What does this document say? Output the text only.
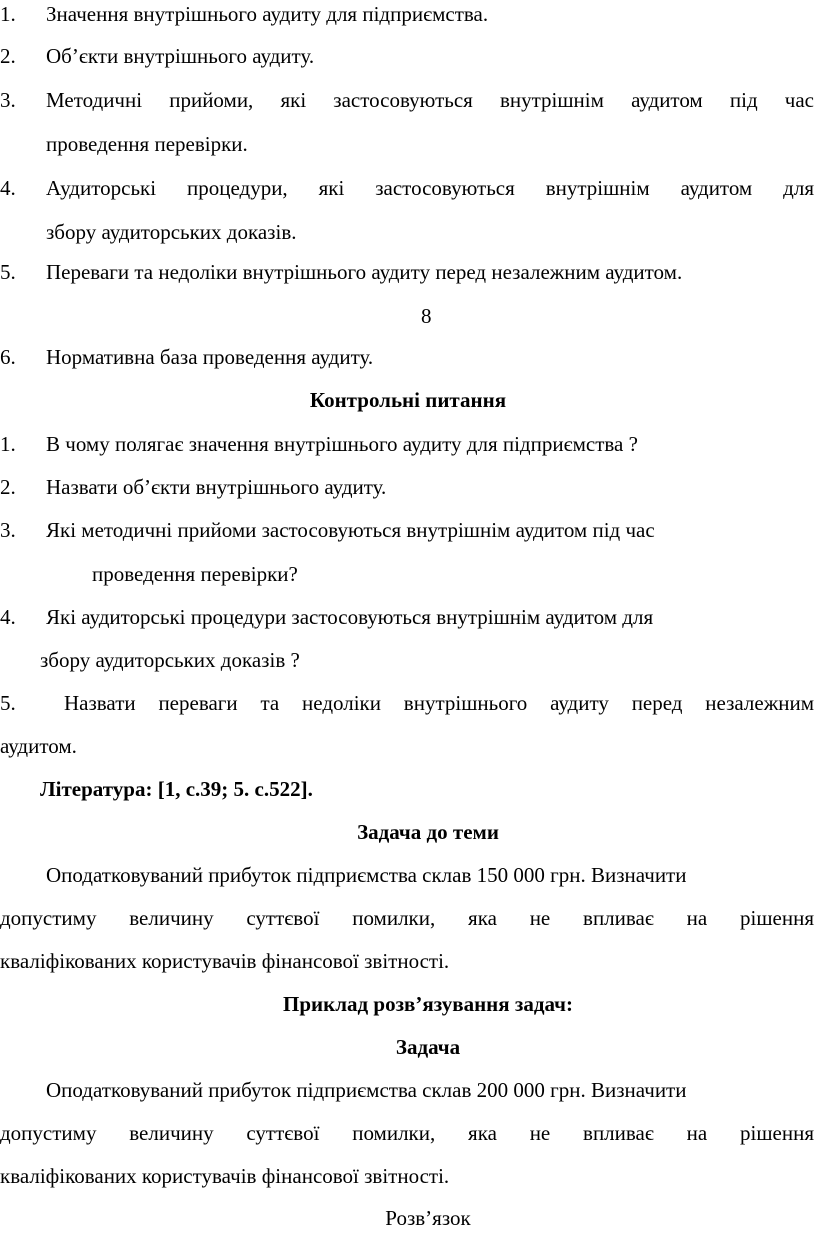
1. Значення внутрішнього аудиту для підприємства.
2. Об’єкти внутрішнього аудиту.
3. Методичні прийоми, які застосовуються внутрішнім аудитом під час
проведення перевірки.
4. Аудиторські процедури, які застосовуються внутрішнім аудитом для
збору аудиторських доказів.
5. Переваги та недоліки внутрішнього аудиту перед незалежним аудитом.
8
6. Нормативна база проведення аудиту.
Контрольні питання
1. В чому полягає значення внутрішнього аудиту для підприємства ?
2. Назвати об’єкти внутрішнього аудиту.
3. Які методичні прийоми застосовуються внутрішнім аудитом під час
проведення перевірки?
4. Які аудиторські процедури застосовуються внутрішнім аудитом для
збору аудиторських доказів ?
5. Назвати переваги та недоліки внутрішнього аудиту перед незалежним
аудитом.
Література: [1, с.39; 5. с.522].
Задача до теми
Оподатковуваний прибуток підприємства склав 150 000 грн. Визначити
допустиму величину суттєвої помилки, яка не впливає на рішення
кваліфікованих користувачів фінансової звітності.
Приклад розв’язування задач:
Задача
Оподатковуваний прибуток підприємства склав 200 000 грн. Визначити
допустиму величину суттєвої помилки, яка не впливає на рішення
кваліфікованих користувачів фінансової звітності.
Розв’язок
